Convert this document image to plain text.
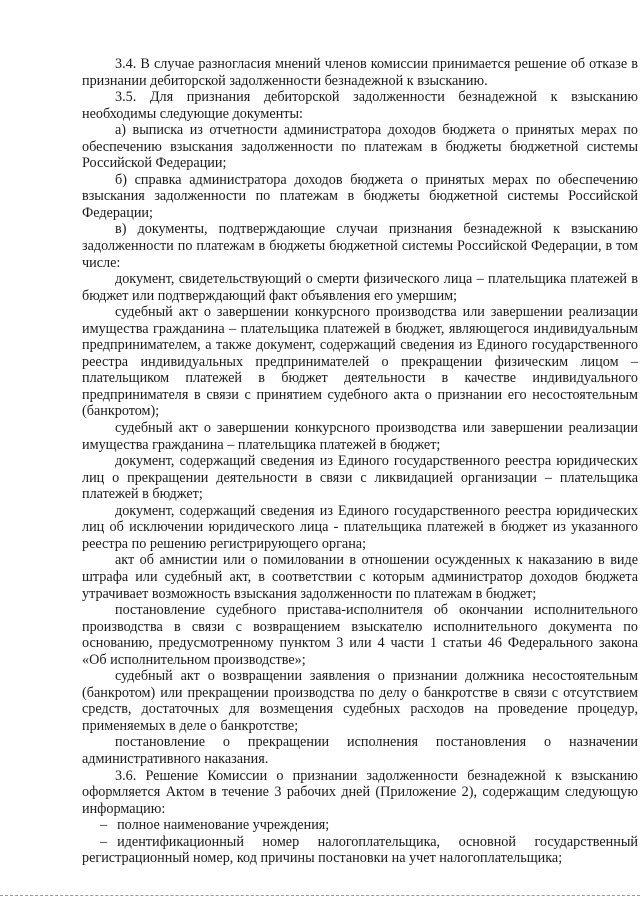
3.4. В случае разногласия мнений членов комиссии принимается решение об отказе в признании дебиторской задолженности безнадежной к взысканию.

3.5. Для признания дебиторской задолженности безнадежной к взысканию необходимы следующие документы:

а) выписка из отчетности администратора доходов бюджета о принятых мерах по обеспечению взыскания задолженности по платежам в бюджеты бюджетной системы Российской Федерации;

б) справка администратора доходов бюджета о принятых мерах по обеспечению взыскания задолженности по платежам в бюджеты бюджетной системы Российской Федерации;

в) документы, подтверждающие случаи признания безнадежной к взысканию задолженности по платежам в бюджеты бюджетной системы Российской Федерации, в том числе:

документ, свидетельствующий о смерти физического лица – плательщика платежей в бюджет или подтверждающий факт объявления его умершим;

судебный акт о завершении конкурсного производства или завершении реализации имущества гражданина – плательщика платежей в бюджет, являющегося индивидуальным предпринимателем, а также документ, содержащий сведения из Единого государственного реестра индивидуальных предпринимателей о прекращении физическим лицом – плательщиком платежей в бюджет деятельности в качестве индивидуального предпринимателя в связи с принятием судебного акта о признании его несостоятельным (банкротом);

судебный акт о завершении конкурсного производства или завершении реализации имущества гражданина – плательщика платежей в бюджет;

документ, содержащий сведения из Единого государственного реестра юридических лиц о прекращении деятельности в связи с ликвидацией организации – плательщика платежей в бюджет;

документ, содержащий сведения из Единого государственного реестра юридических лиц об исключении юридического лица - плательщика платежей в бюджет из указанного реестра по решению регистрирующего органа;

акт об амнистии или о помиловании в отношении осужденных к наказанию в виде штрафа или судебный акт, в соответствии с которым администратор доходов бюджета утрачивает возможность взыскания задолженности по платежам в бюджет;

постановление судебного пристава-исполнителя об окончании исполнительного производства в связи с возвращением взыскателю исполнительного документа по основанию, предусмотренному пунктом 3 или 4 части 1 статьи 46 Федерального закона «Об исполнительном производстве»;

судебный акт о возвращении заявления о признании должника несостоятельным (банкротом) или прекращении производства по делу о банкротстве в связи с отсутствием средств, достаточных для возмещения судебных расходов на проведение процедур, применяемых в деле о банкротстве;

постановление о прекращении исполнения постановления о назначении административного наказания.

3.6. Решение Комиссии о признании задолженности безнадежной к взысканию оформляется Актом в течение 3 рабочих дней (Приложение 2), содержащим следующую информацию:

– полное наименование учреждения;

– идентификационный номер налогоплательщика, основной государственный регистрационный номер, код причины постановки на учет налогоплательщика;
